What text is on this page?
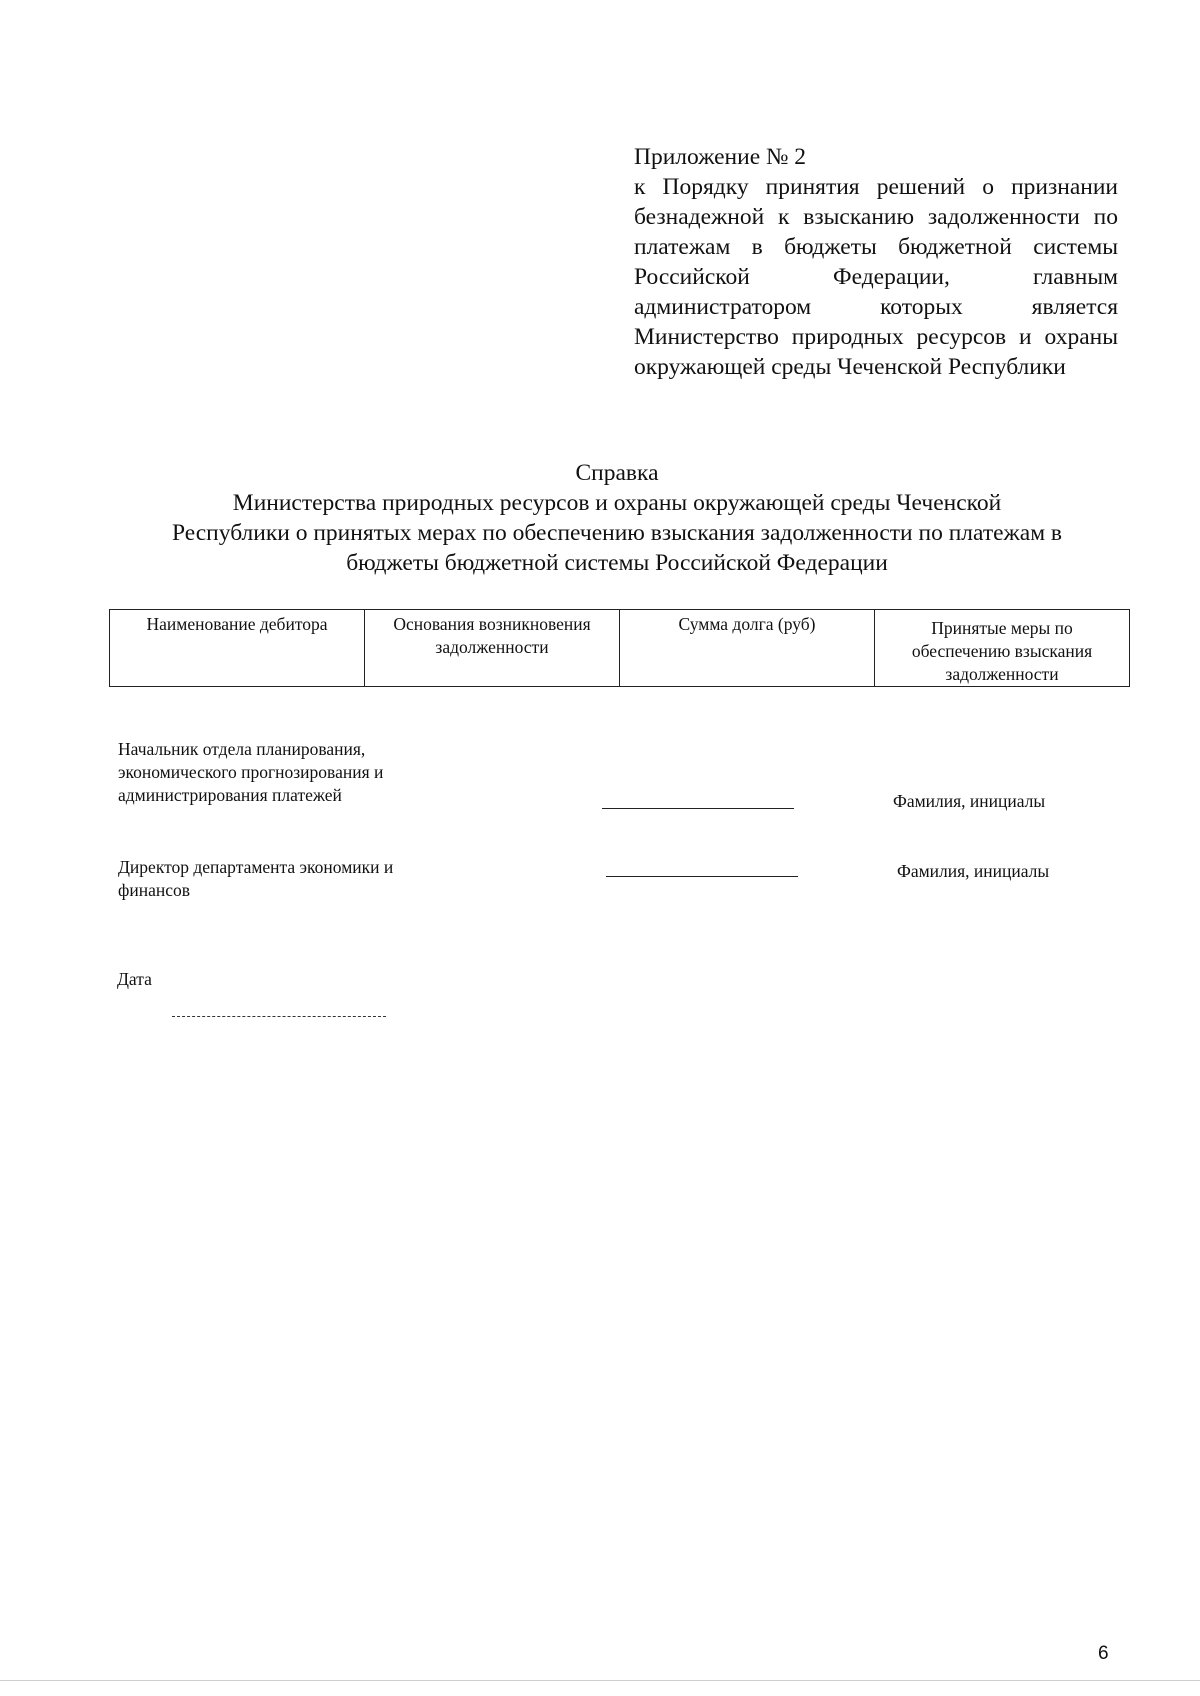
Приложение № 2
к Порядку принятия решений о признании безнадежной к взысканию задолженности по платежам в бюджеты бюджетной системы Российской Федерации, главным администратором которых является Министерство природных ресурсов и охраны окружающей среды Чеченской Республики
Справка
Министерства природных ресурсов и охраны окружающей среды Чеченской
Республики о принятых мерах по обеспечению взыскания задолженности по платежам в
бюджеты бюджетной системы Российской Федерации
Наименование дебитора	Основания возникновения задолженности	Сумма долга (руб)	Принятые меры по обеспечению взыскания задолженности
Начальник отдела планирования, экономического прогнозирования и администрирования платежей	Фамилия, инициалы
Директор департамента экономики и финансов
Фамилия, инициалы
Дата
6
